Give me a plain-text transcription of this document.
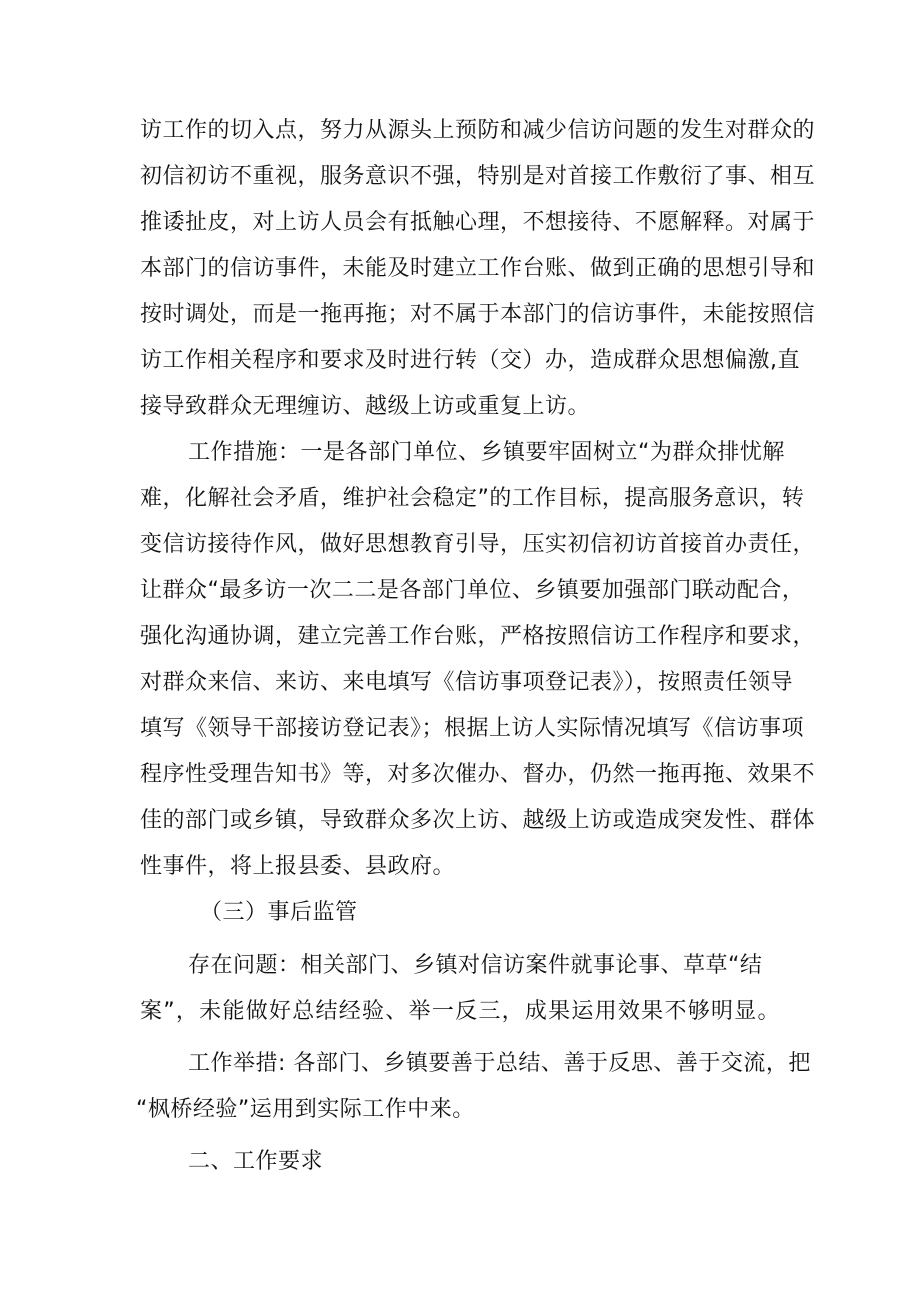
访工作的切入点，努力从源头上预防和减少信访问题的发生对群众的
初信初访不重视，服务意识不强，特别是对首接工作敷衍了事、相互
推诿扯皮，对上访人员会有抵触心理，不想接待、不愿解释。对属于
本部门的信访事件，未能及时建立工作台账、做到正确的思想引导和
按时调处，而是一拖再拖；对不属于本部门的信访事件，未能按照信
访工作相关程序和要求及时进行转（交）办，造成群众思想偏激,直
接导致群众无理缠访、越级上访或重复上访。
工作措施：一是各部门单位、乡镇要牢固树立“为群众排忧解
难，化解社会矛盾，维护社会稳定”的工作目标，提高服务意识，转
变信访接待作风，做好思想教育引导，压实初信初访首接首办责任，
让群众“最多访一次二二是各部门单位、乡镇要加强部门联动配合，
强化沟通协调，建立完善工作台账，严格按照信访工作程序和要求，
对群众来信、来访、来电填写《信访事项登记表》），按照责任领导
填写《领导干部接访登记表》；根据上访人实际情况填写《信访事项
程序性受理告知书》等，对多次催办、督办，仍然一拖再拖、效果不
佳的部门或乡镇，导致群众多次上访、越级上访或造成突发性、群体
性事件，将上报县委、县政府。
（三）事后监管
存在问题：相关部门、乡镇对信访案件就事论事、草草“结
案”，未能做好总结经验、举一反三，成果运用效果不够明显。
工作举措: 各部门、乡镇要善于总结、善于反思、善于交流，把
“枫桥经验”运用到实际工作中来。
二、工作要求
